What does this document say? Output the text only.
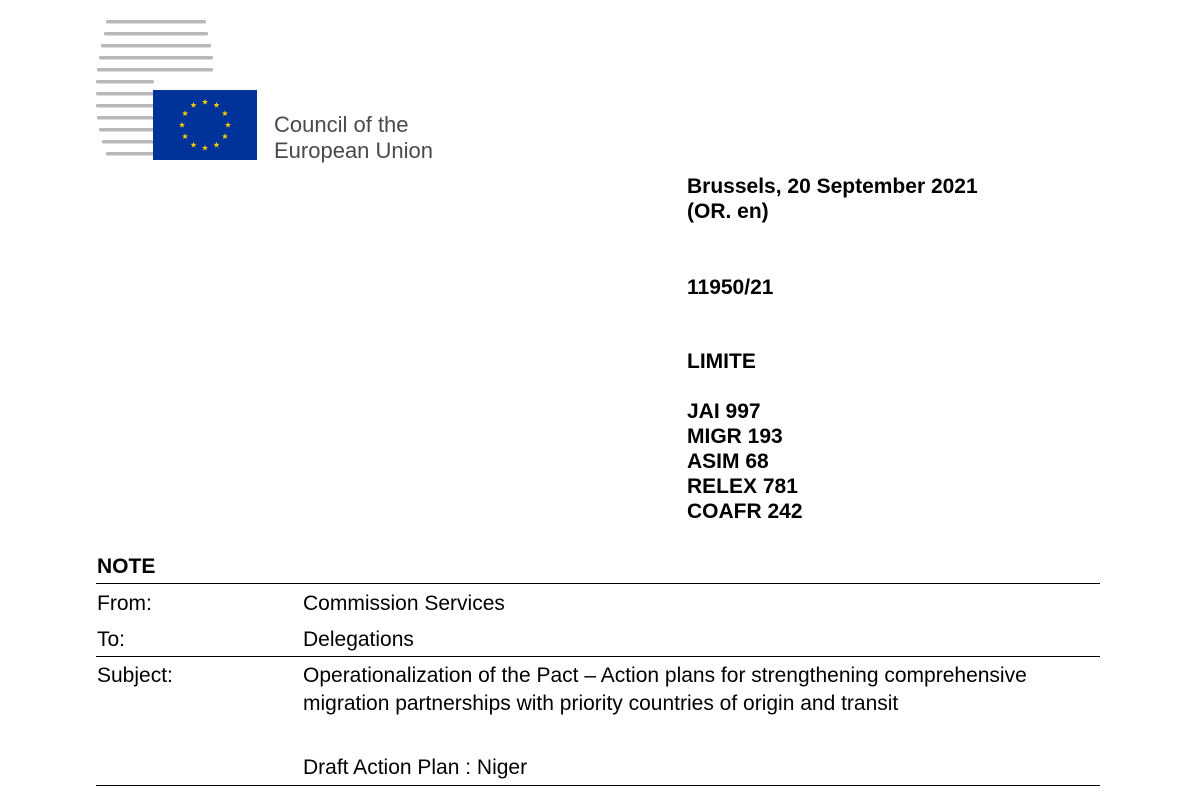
Council of the
European Union
Brussels, 20 September 2021
(OR. en)
11950/21
LIMITE
JAI 997
MIGR 193
ASIM 68
RELEX 781
COAFR 242
NOTE
From:	Commission Services
To:	Delegations
Subject:	Operationalization of the Pact – Action plans for strengthening comprehensive migration partnerships with priority countries of origin and transit
Draft Action Plan : Niger
